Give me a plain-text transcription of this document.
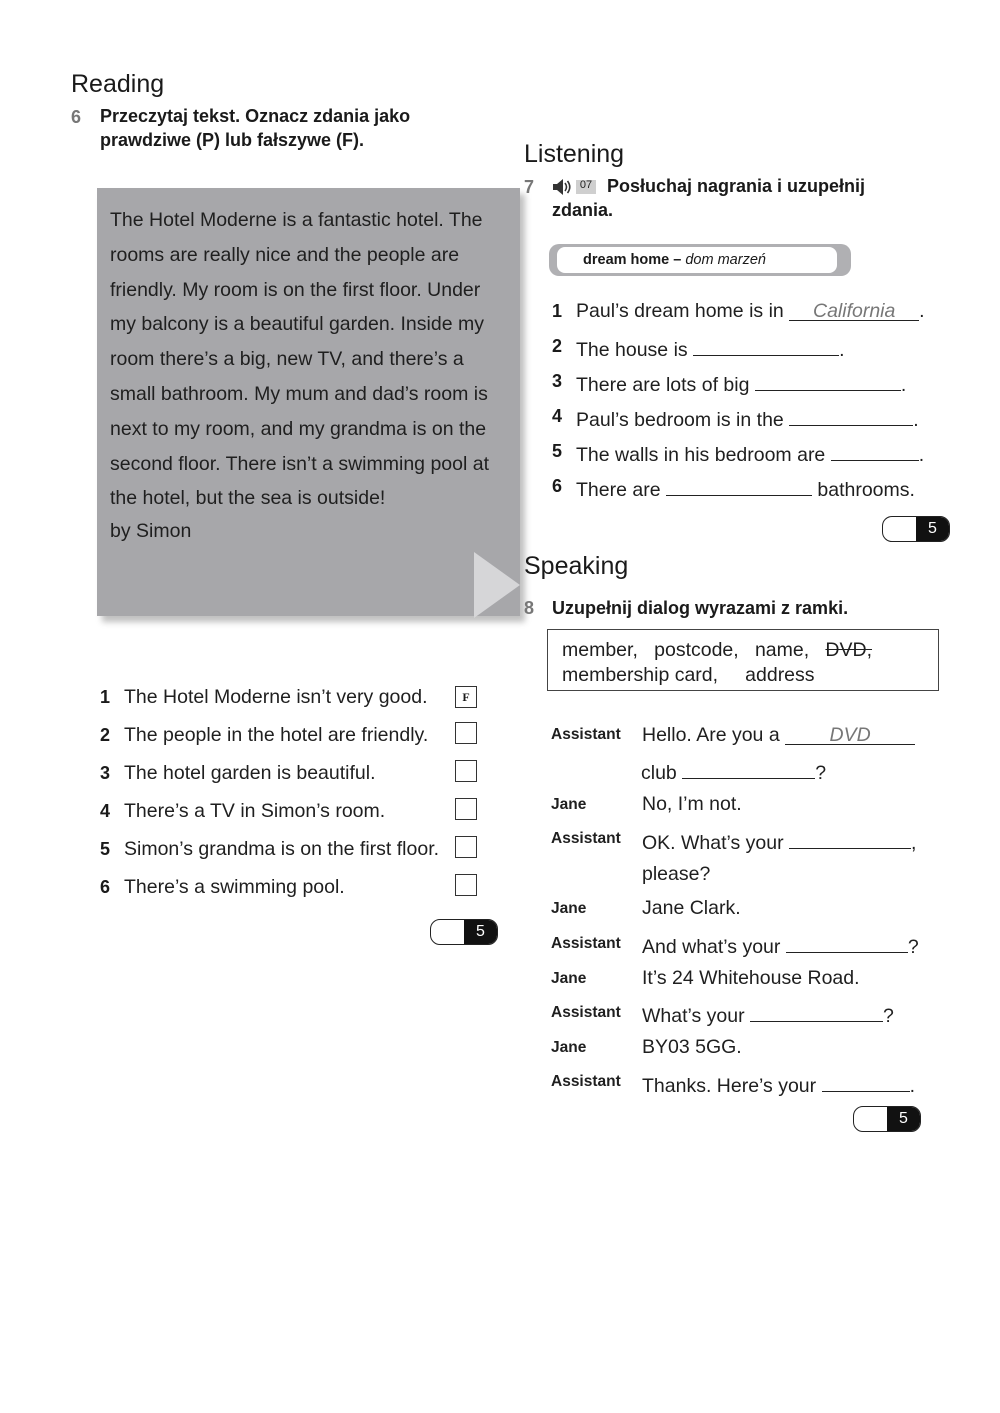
Reading
6 Przeczytaj tekst. Oznacz zdania jako
prawdziwe (P) lub fałszywe (F).

The Hotel Moderne is a fantastic hotel. The

rooms are really nice and the people are

friendly. My room is on the first floor. Under

my balcony is a beautiful garden. Inside my

room there’s a big, new TV, and there’s a

small bathroom. My mum and dad’s room is

next to my room, and my grandma is on the

second floor. There isn’t a swimming pool at

the hotel, but the sea is outside!

by Simon
1 The Hotel Moderne isn’t very good.	F
2 The people in the hotel are friendly.
3 The hotel garden is beautiful.
4 There’s a TV in Simon’s room.
5 Simon’s grandma is on the first floor.
6 There’s a swimming pool.
5
Listening
7	07 Posłuchaj nagrania i uzupełnij
zdania.
dream home – dom marzeń
1 Paul’s dream home is in California .
2 The house is	.
3 There are lots of big	.
4 Paul’s bedroom is in the	.
5 The walls in his bedroom are	.
6 There are	bathrooms.
5
Speaking
8 Uzupełnij dialog wyrazami z ramki.
member, postcode, name, DVD,
membership card, address
Assistant Hello. Are you a	DVD
club	?
Jane	No, I’m not.
Assistant OK. What’s your	,
please?
Jane	Jane Clark.
Assistant And what’s your	?
Jane	It’s 24 Whitehouse Road.
Assistant What’s your	?
Jane	BY03 5GG.
Assistant Thanks. Here’s your	.
5
